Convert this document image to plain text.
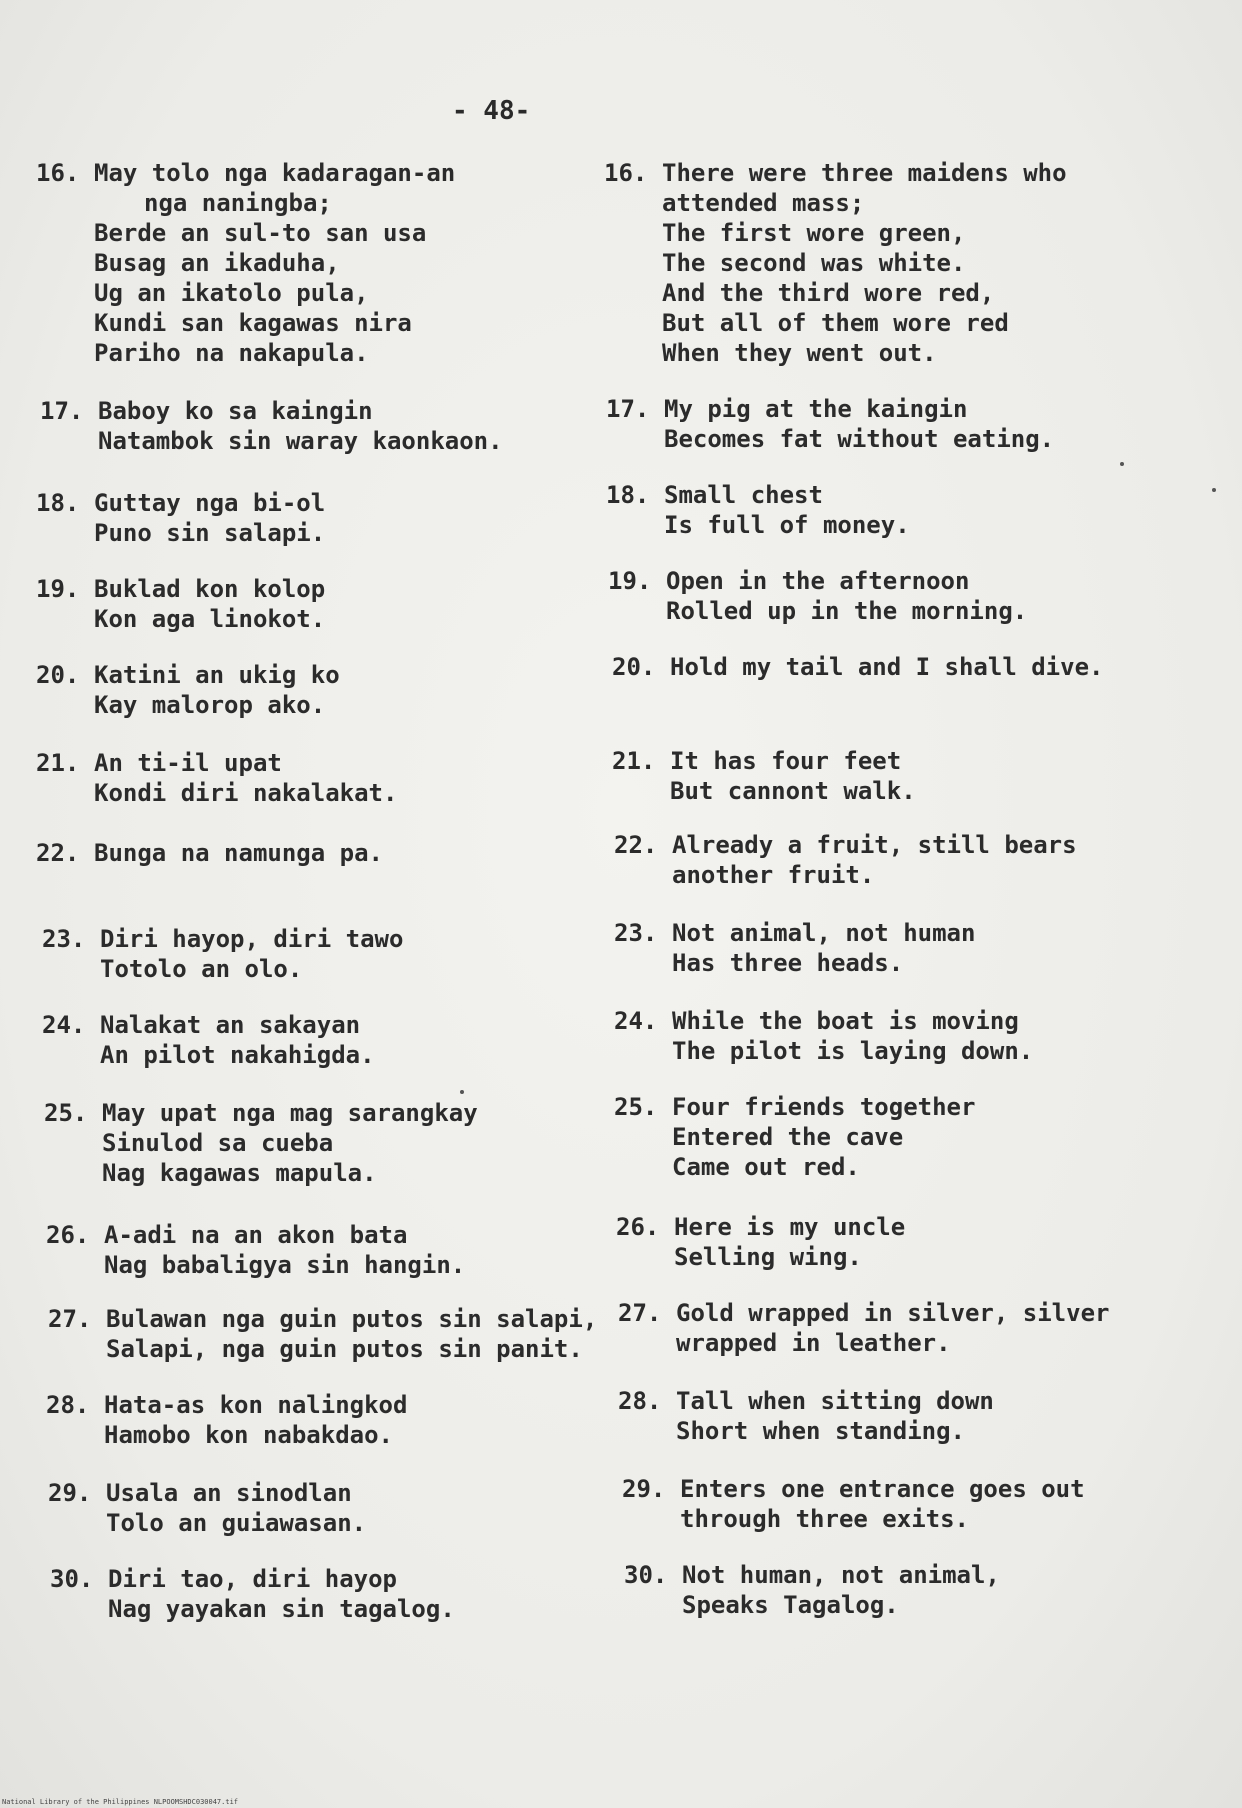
- 48-
16. May tolo nga kadaragan-an
nga naningba;
Berde an sul-to san usa
Busag an ikaduha,
Ug an ikatolo pula,
Kundi san kagawas nira
Pariho na nakapula.
17. Baboy ko sa kaingin
Natambok sin waray kaonkaon.
18. Guttay nga bi-ol
Puno sin salapi.
19. Buklad kon kolop
Kon aga linokot.
20. Katini an ukig ko
Kay malorop ako.
21. An ti-il upat
Kondi diri nakalakat.
22. Bunga na namunga pa.
23. Diri hayop, diri tawo
Totolo an olo.
24. Nalakat an sakayan
An pilot nakahigda.
25. May upat nga mag sarangkay
Sinulod sa cueba
Nag kagawas mapula.
26. A-adi na an akon bata
Nag babaligya sin hangin.
27. Bulawan nga guin putos sin salapi,
Salapi, nga guin putos sin panit.
28. Hata-as kon nalingkod
Hamobo kon nabakdao.
29. Usala an sinodlan
Tolo an guiawasan.
30. Diri tao, diri hayop
Nag yayakan sin tagalog.
16. There were three maidens who
attended mass;
The first wore green,
The second was white.
And the third wore red,
But all of them wore red
When they went out.
17. My pig at the kaingin
Becomes fat without eating.
18. Small chest
Is full of money.
19. Open in the afternoon
Rolled up in the morning.
20. Hold my tail and I shall dive.
21. It has four feet
But cannont walk.
22. Already a fruit, still bears
another fruit.
23. Not animal, not human
Has three heads.
24. While the boat is moving
The pilot is laying down.
25. Four friends together
Entered the cave
Came out red.
26. Here is my uncle
Selling wing.
27. Gold wrapped in silver, silver
wrapped in leather.
28. Tall when sitting down
Short when standing.
29. Enters one entrance goes out
through three exits.
30. Not human, not animal,
Speaks Tagalog.
National Library of the Philippines NLPOOMSHDC030047.tif
